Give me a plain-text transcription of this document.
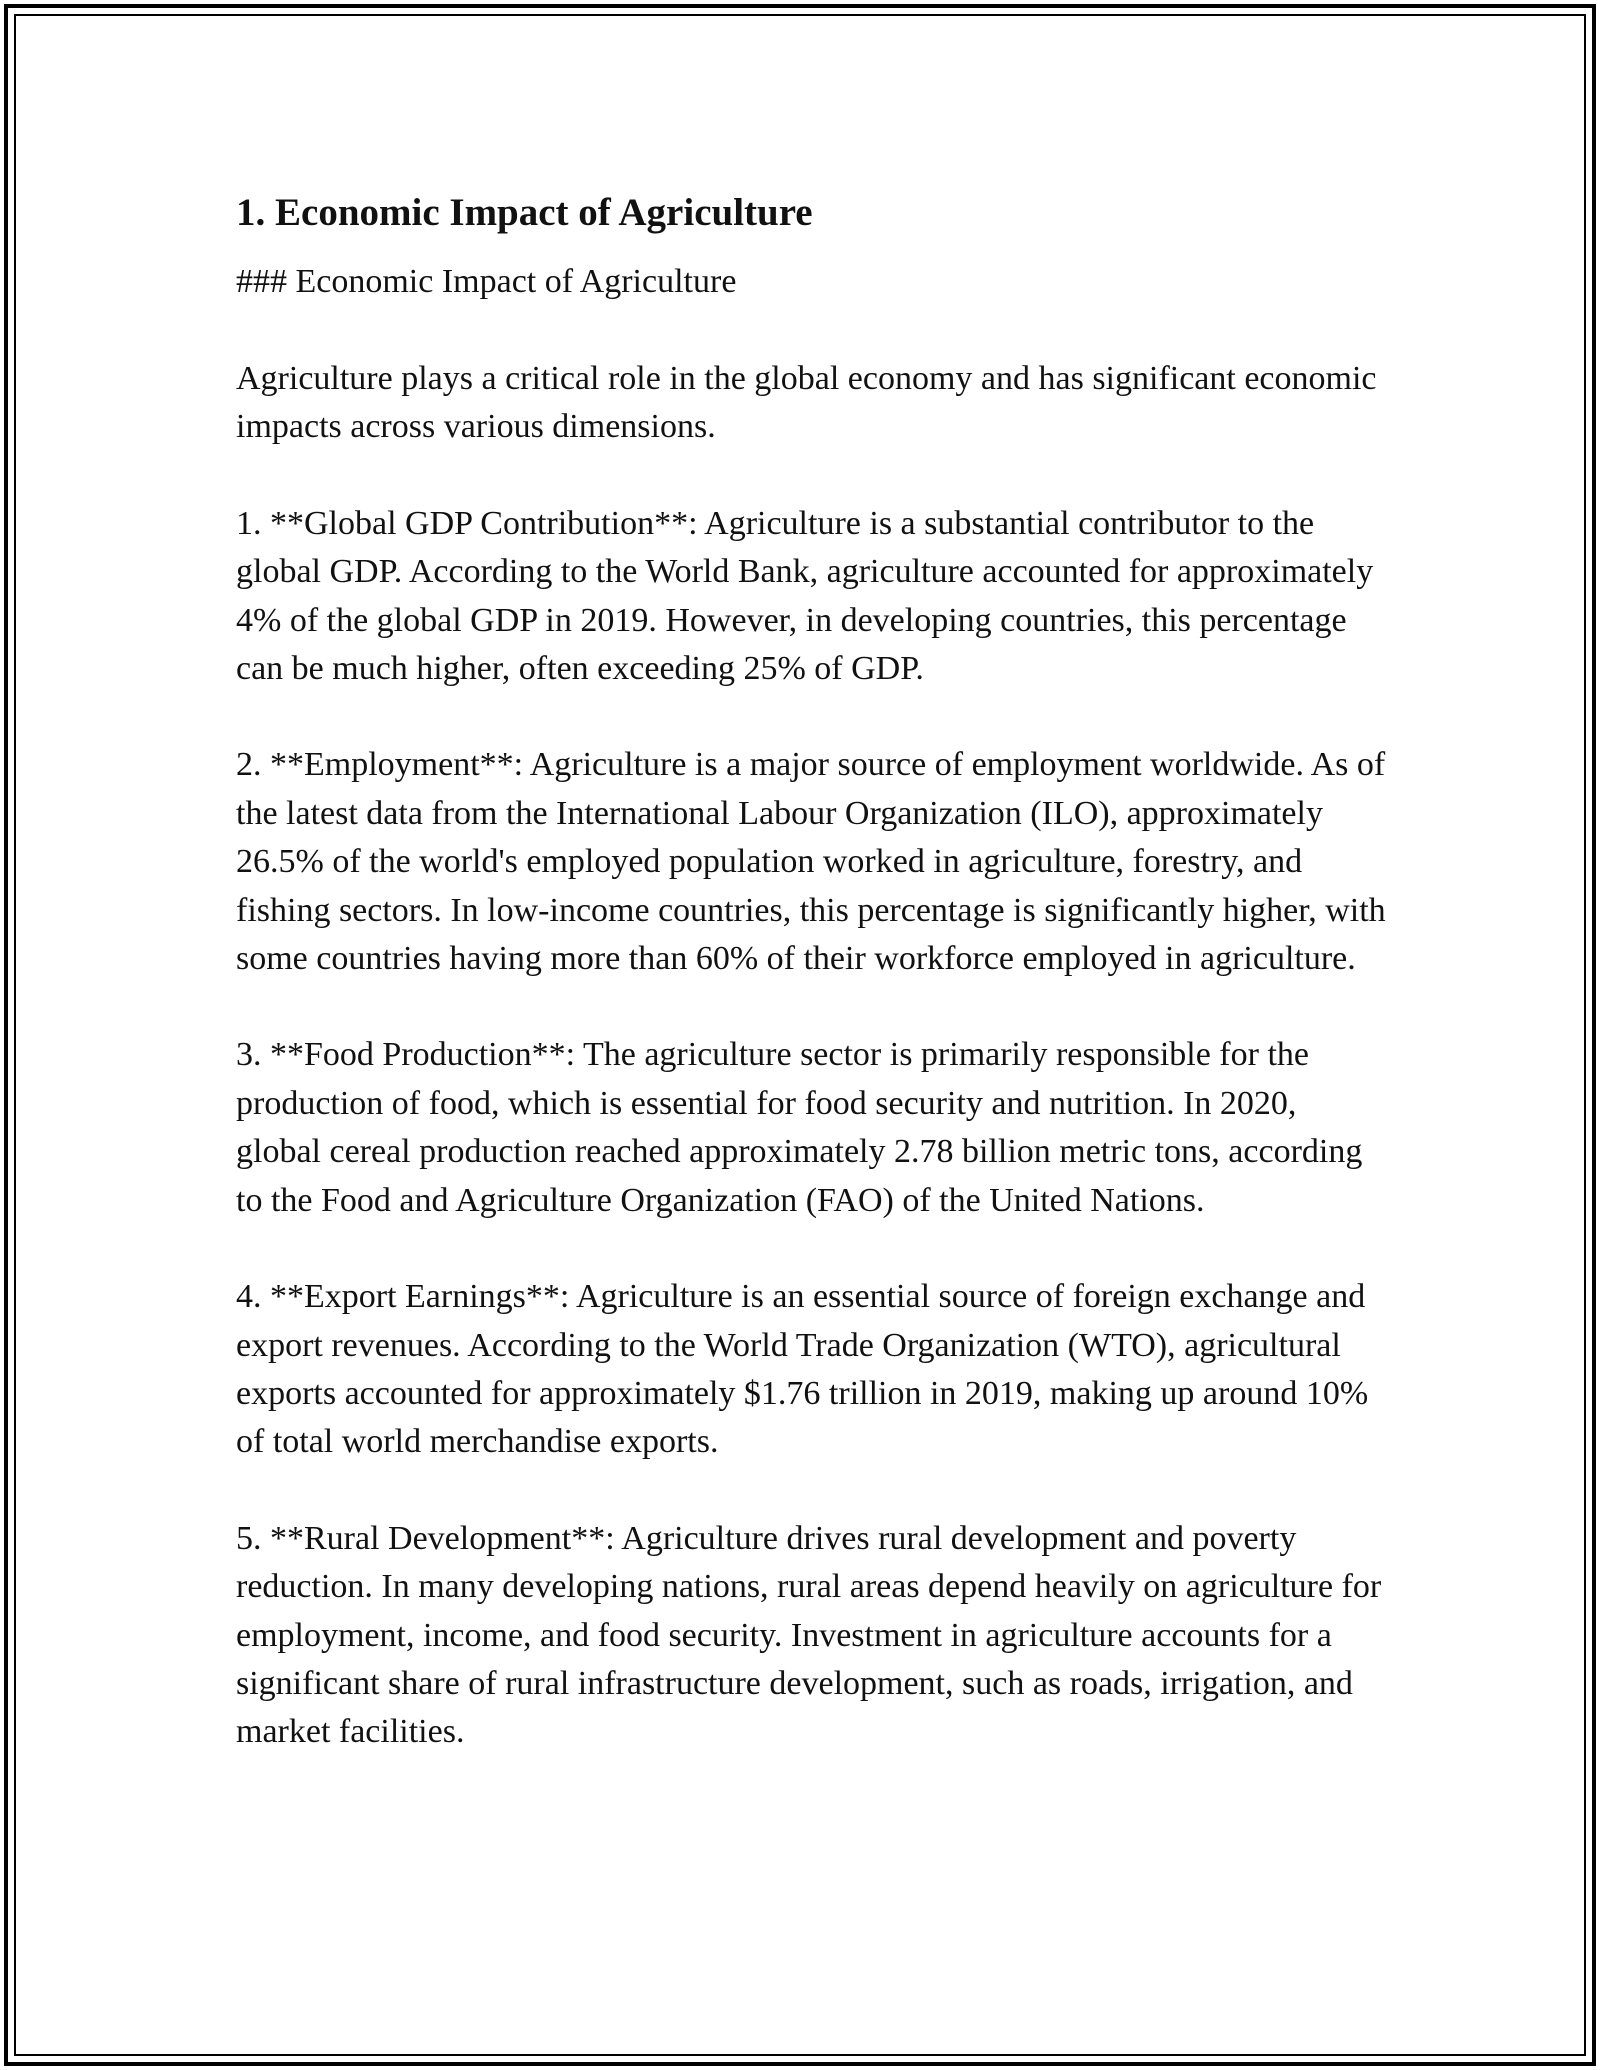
1. Economic Impact of Agriculture

### Economic Impact of Agriculture

Agriculture plays a critical role in the global economy and has significant economic impacts across various dimensions.

1. **Global GDP Contribution**: Agriculture is a substantial contributor to the global GDP. According to the World Bank, agriculture accounted for approximately 4% of the global GDP in 2019. However, in developing countries, this percentage can be much higher, often exceeding 25% of GDP.

2. **Employment**: Agriculture is a major source of employment worldwide. As of the latest data from the International Labour Organization (ILO), approximately 26.5% of the world's employed population worked in agriculture, forestry, and fishing sectors. In low-income countries, this percentage is significantly higher, with some countries having more than 60% of their workforce employed in agriculture.

3. **Food Production**: The agriculture sector is primarily responsible for the production of food, which is essential for food security and nutrition. In 2020, global cereal production reached approximately 2.78 billion metric tons, according to the Food and Agriculture Organization (FAO) of the United Nations.

4. **Export Earnings**: Agriculture is an essential source of foreign exchange and export revenues. According to the World Trade Organization (WTO), agricultural exports accounted for approximately $1.76 trillion in 2019, making up around 10% of total world merchandise exports.

5. **Rural Development**: Agriculture drives rural development and poverty reduction. In many developing nations, rural areas depend heavily on agriculture for employment, income, and food security. Investment in agriculture accounts for a significant share of rural infrastructure development, such as roads, irrigation, and market facilities.
